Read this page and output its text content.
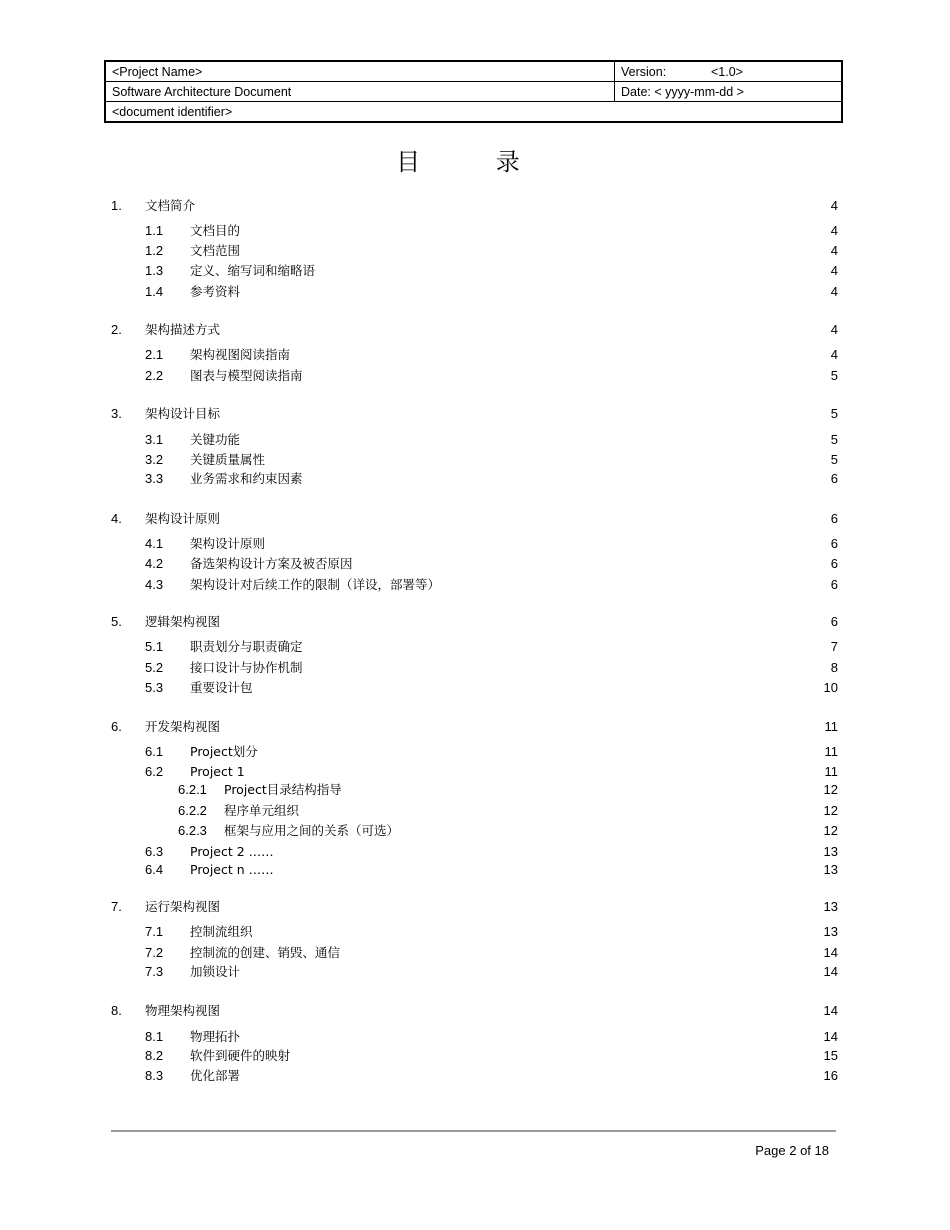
<Project Name>	Version: <1.0>
Software Architecture Document	Date: < yyyy-mm-dd >
<document identifier>	
目 录
1. 文档简介	4
1.1 文档目的	4
1.2 文档范围	4
1.3 定义、缩写词和缩略语	4
1.4 参考资料	4
2. 架构描述方式	4
2.1 架构视图阅读指南	4
2.2 图表与模型阅读指南	5
3. 架构设计目标	5
3.1 关键功能	5
3.2 关键质量属性	5
3.3 业务需求和约束因素	6
4. 架构设计原则	6
4.1 架构设计原则	6
4.2 备选架构设计方案及被否原因	6
4.3 架构设计对后续工作的限制（详设，部署等）	6
5. 逻辑架构视图	6
5.1 职责划分与职责确定	7
5.2 接口设计与协作机制	8
5.3 重要设计包	10
6. 开发架构视图	11
6.1 Project划分	11
6.2 Project 1	11
6.2.1 Project目录结构指导	12
6.2.2 程序单元组织	12
6.2.3 框架与应用之间的关系（可选）	12
6.3 Project 2 ……	13
6.4 Project n ……	13
7. 运行架构视图	13
7.1 控制流组织	13
7.2 控制流的创建、销毁、通信	14
7.3 加锁设计	14
8. 物理架构视图	14
8.1 物理拓扑	14
8.2 软件到硬件的映射	15
8.3 优化部署	16
Page 2 of 18
